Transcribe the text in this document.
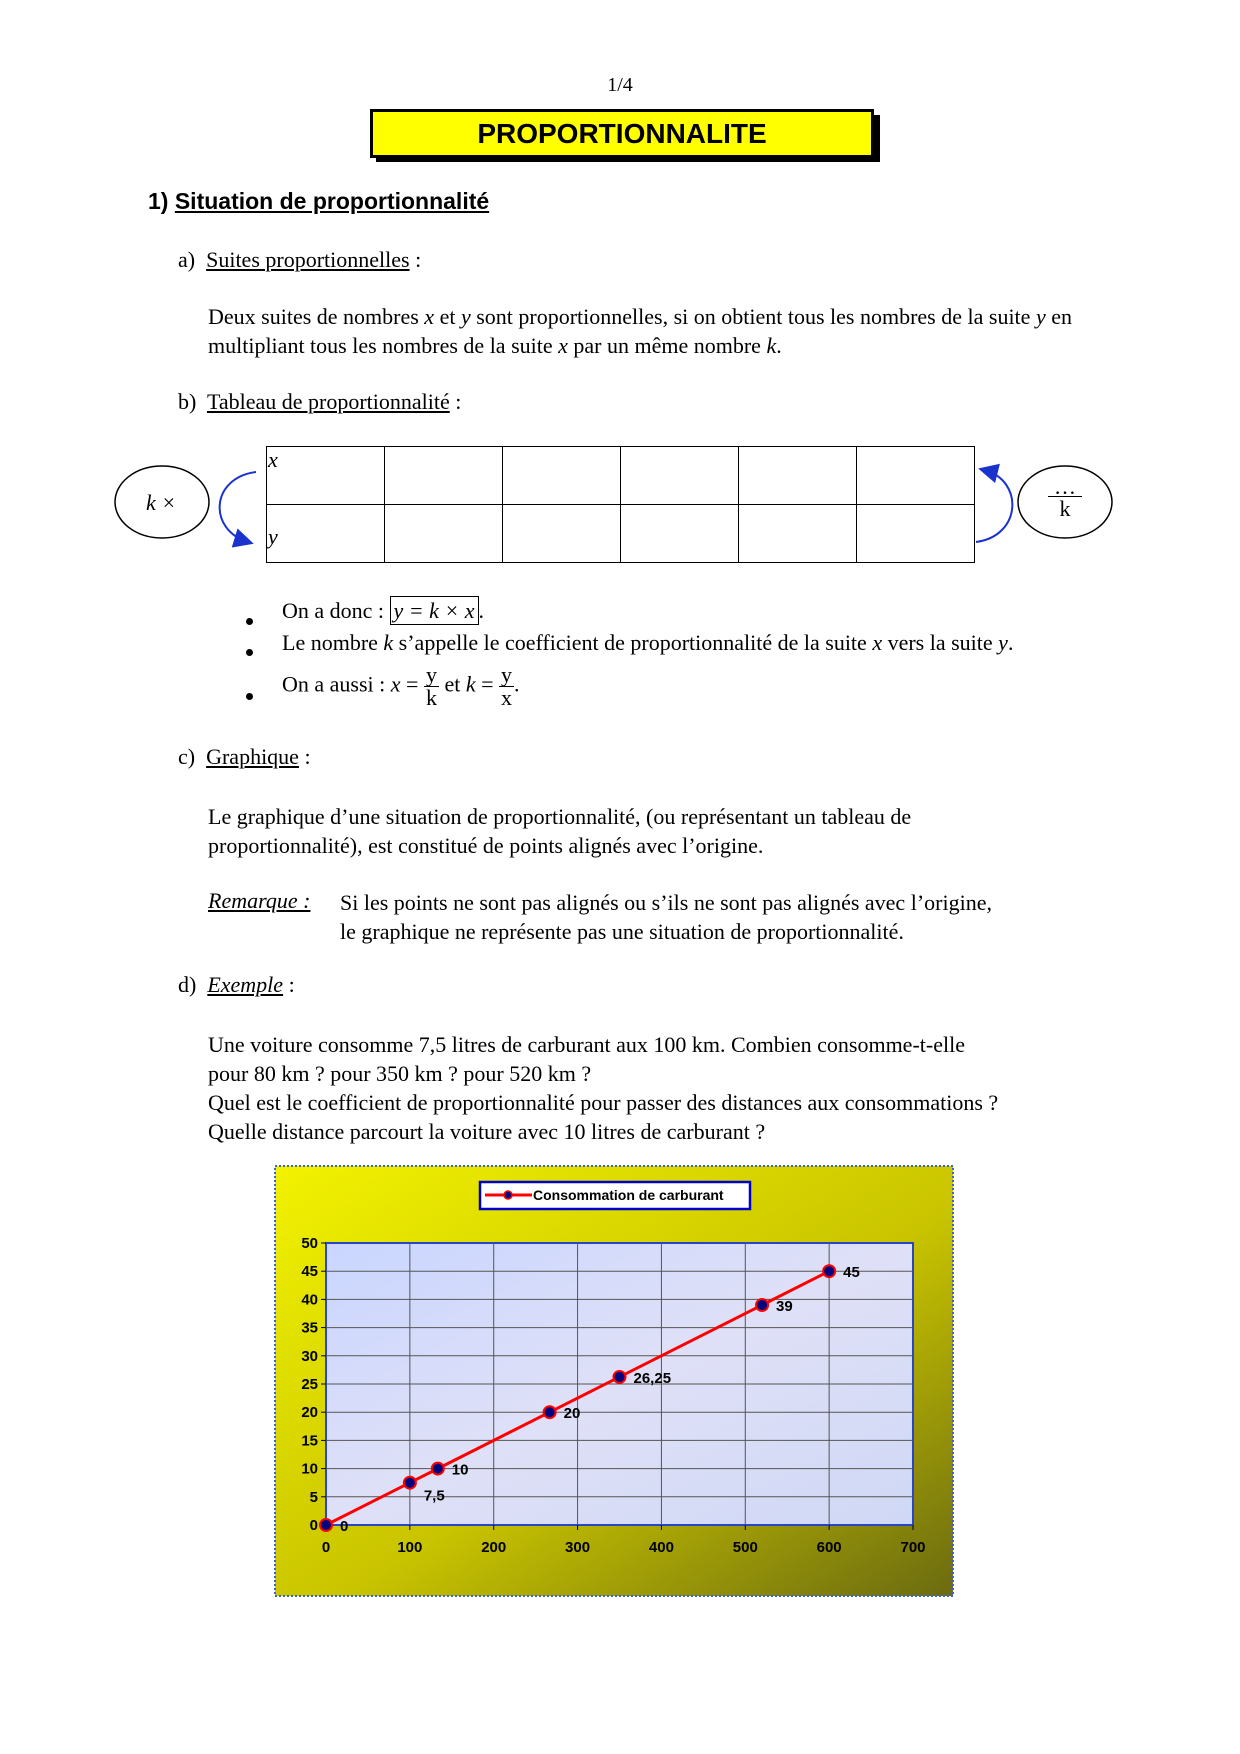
1/4
PROPORTIONNALITE
1) Situation de proportionnalité
a) Suites proportionnelles :
Deux suites de nombres x et y sont proportionnelles, si on obtient tous les nombres de la suite y en multipliant tous les nombres de la suite x par un même nombre k.
b) Tableau de proportionnalité :
x					
y					
k ×
…
k
On a donc : y = k × x .
Le nombre k s’appelle le coefficient de proportionnalité de la suite x vers la suite y.
On a aussi : $x = \frac{y}{k}$ et $k = \frac{y}{x}$ .
c) Graphique :
Le graphique d’une situation de proportionnalité, (ou représentant un tableau de
proportionnalité), est constitué de points alignés avec l’origine.
Remarque : Si les points ne sont pas alignés ou s’ils ne sont pas alignés avec l’origine,
le graphique ne représente pas une situation de proportionnalité.
d) Exemple :
Une voiture consomme 7,5 litres de carburant aux 100 km. Combien consomme-t-elle
pour 80 km ? pour 350 km ? pour 520 km ?
Quel est le coefficient de proportionnalité pour passer des distances aux consommations ?
Quelle distance parcourt la voiture avec 10 litres de carburant ?
0	100	200	300	400	500	600	700
0
5
10
15
20
25
30
35
40
45
50
0
7,5
10
20
26,25
39
45
Consommation de carburant
